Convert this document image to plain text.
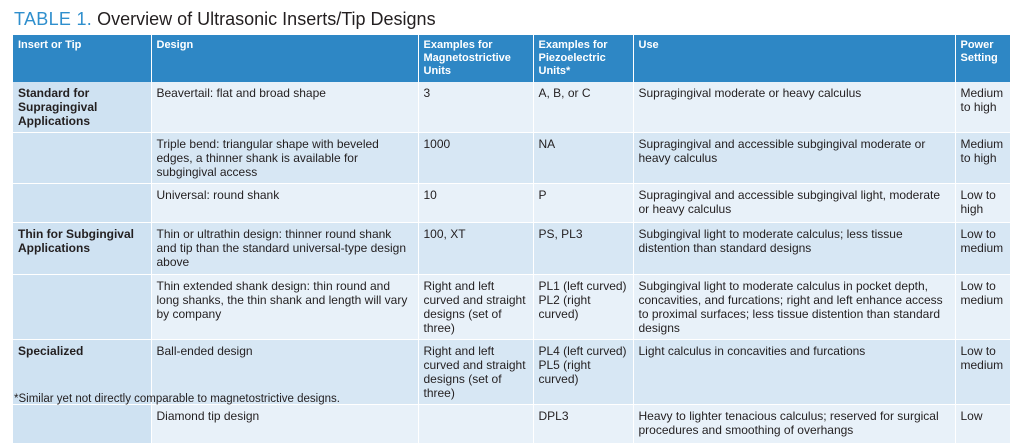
TABLE 1. Overview of Ultrasonic Inserts/Tip Designs
Insert or Tip	Design	Examples for Magnetostrictive Units	Examples for Piezoelectric Units*	Use	Power Setting
Standard for Supragingival Applications	Beavertail: flat and broad shape	3	A, B, or C	Supragingival moderate or heavy calculus	Medium to high
	Triple bend: triangular shape with beveled edges, a thinner shank is available for subgingival access	1000	NA	Supragingival and accessible subgingival moderate or heavy calculus	Medium to high
	Universal: round shank	10	P	Supragingival and accessible subgingival light, moderate or heavy calculus	Low to high
Thin for Subgingival Applications	Thin or ultrathin design: thinner round shank and tip than the standard universal-type design above	100, XT	PS, PL3	Subgingival light to moderate calculus; less tissue distention than standard designs	Low to medium
	Thin extended shank design: thin round and long shanks, the thin shank and length will vary by company	Right and left curved and straight designs (set of three)	PL1 (left curved) PL2 (right curved)	Subgingival light to moderate calculus in pocket depth, concavities, and furcations; right and left enhance access to proximal surfaces; less tissue distention than standard designs	Low to medium
Specialized	Ball-ended design	Right and left curved and straight designs (set of three)	PL4 (left curved) PL5 (right curved)	Light calculus in concavities and furcations	Low to medium
	Diamond tip design		DPL3	Heavy to lighter tenacious calculus; reserved for surgical procedures and smoothing of overhangs	Low
*Similar yet not directly comparable to magnetostrictive designs.
